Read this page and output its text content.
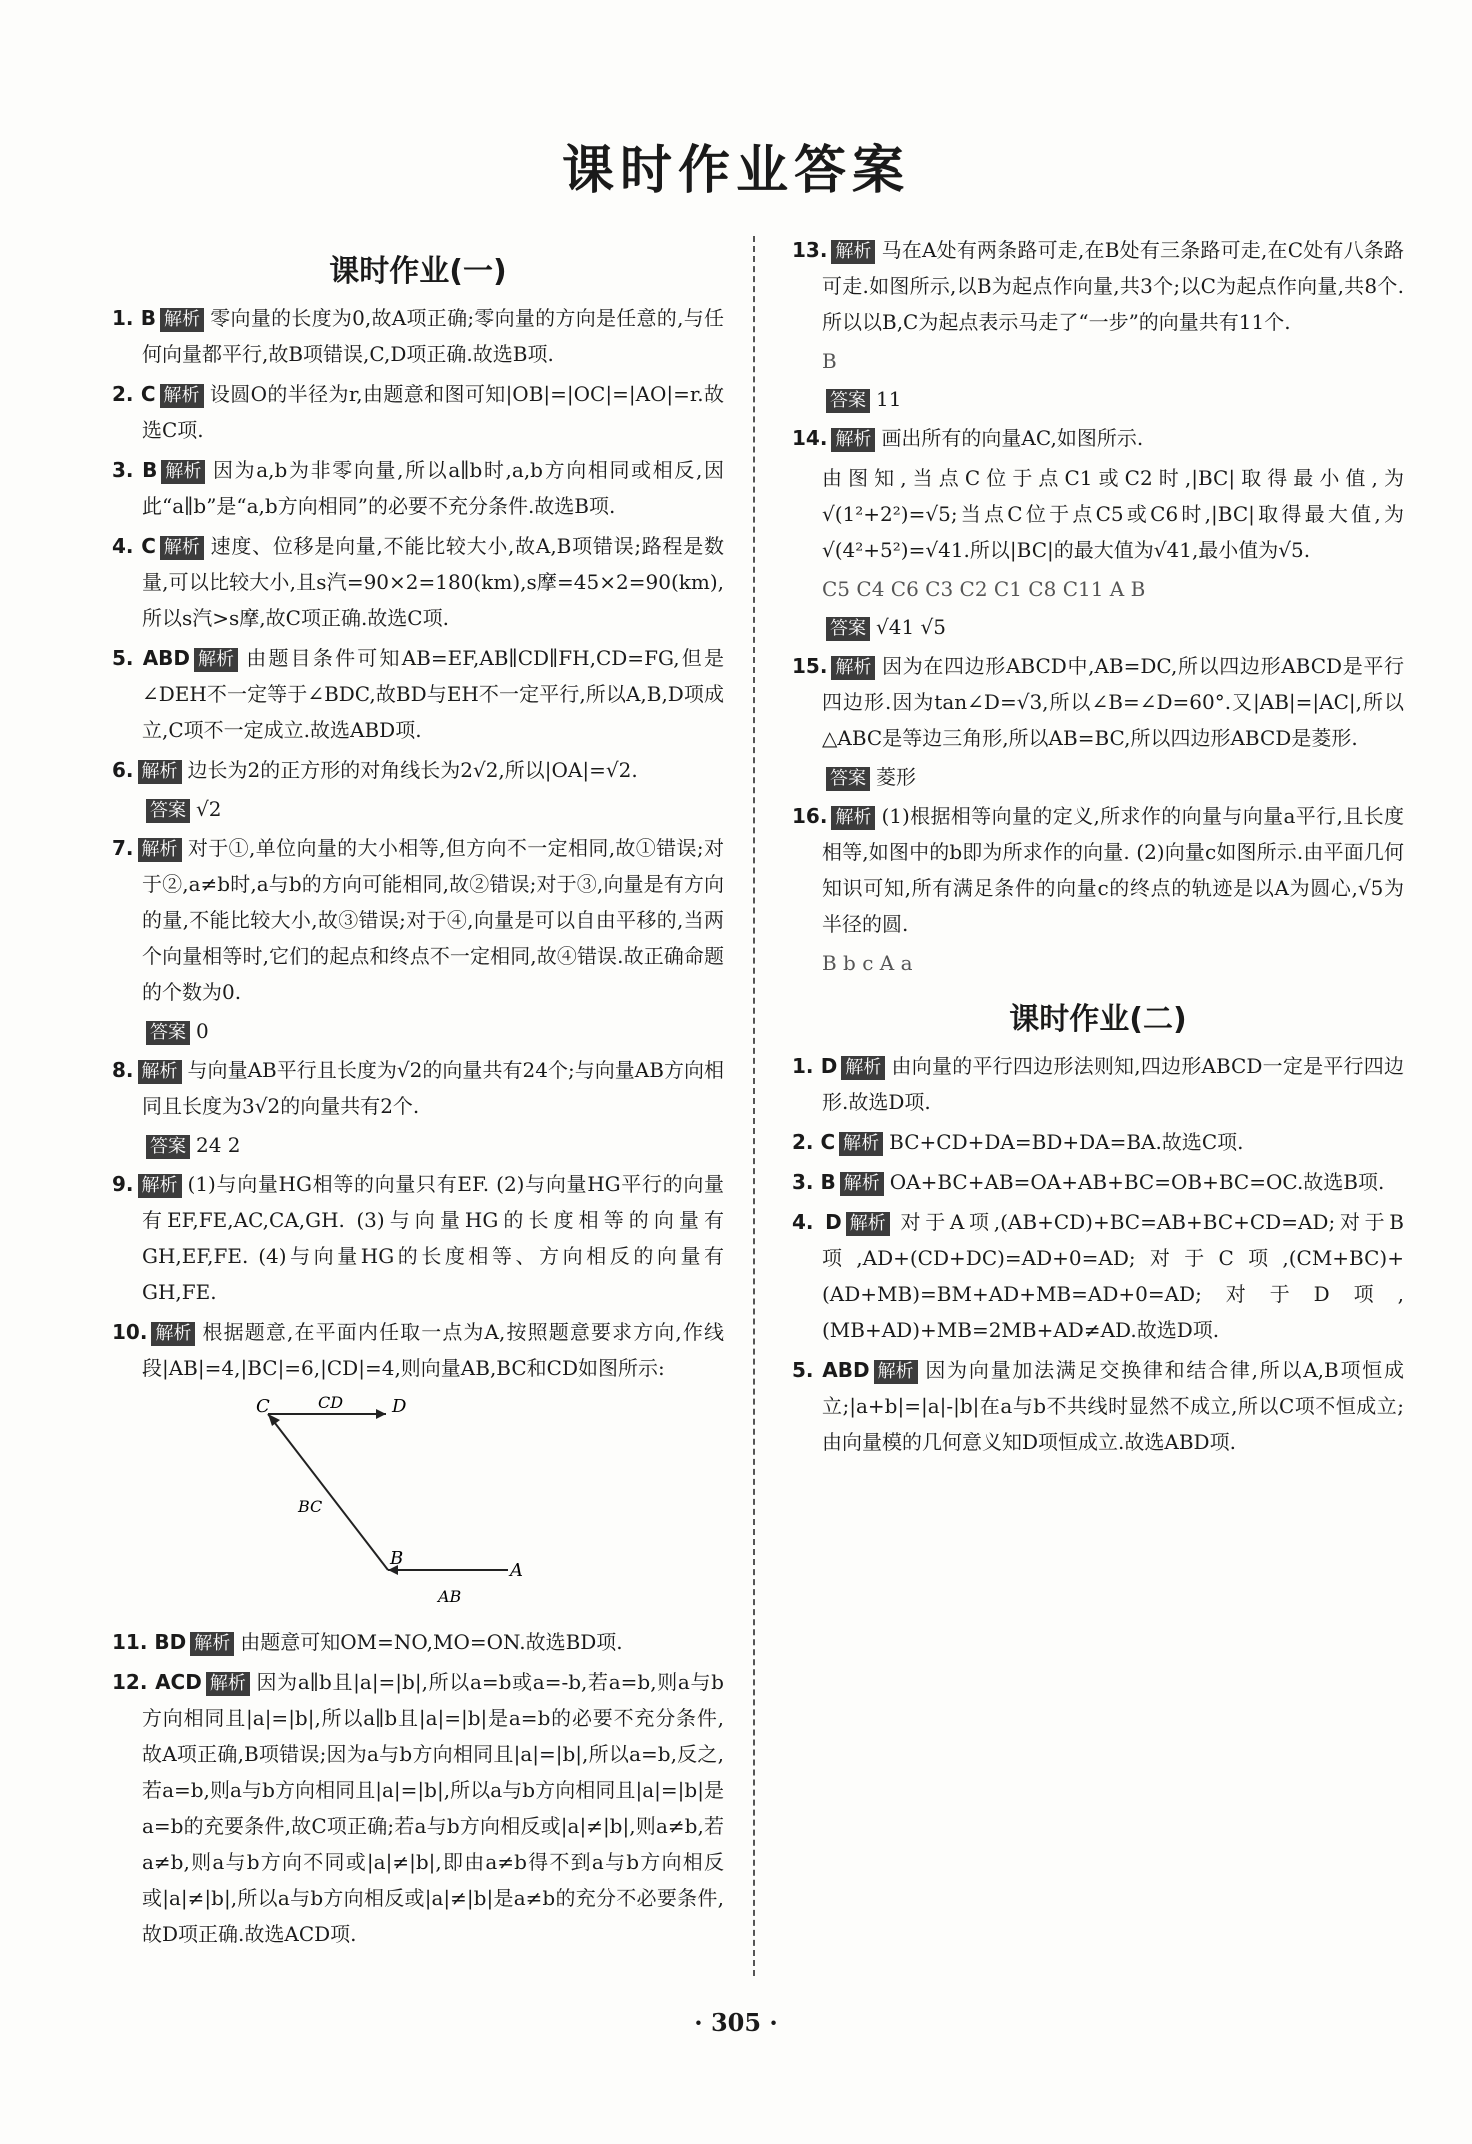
课时作业答案
课时作业(一)
1. B 解析 零向量的长度为0,故A项正确;零向量的方向是任意的,与任何向量都平行,故B项错误,C,D项正确.故选B项.
2. C 解析 设圆O的半径为r,由题意和图可知|OB|=|OC|=|AO|=r.故选C项.
3. B 解析 因为a,b为非零向量,所以a∥b时,a,b方向相同或相反,因此“a∥b”是“a,b方向相同”的必要不充分条件.故选B项.
4. C 解析 速度、位移是向量,不能比较大小,故A,B项错误;路程是数量,可以比较大小,且s汽=90×2=180(km),s摩=45×2=90(km),所以s汽>s摩,故C项正确.故选C项.
5. ABD 解析 由题目条件可知AB=EF,AB∥CD∥FH,CD=FG,但是∠DEH不一定等于∠BDC,故BD与EH不一定平行,所以A,B,D项成立,C项不一定成立.故选ABD项.
6. 解析 边长为2的正方形的对角线长为2√2,所以|OA|=√2.
答案 √2
7. 解析 对于①,单位向量的大小相等,但方向不一定相同,故①错误;对于②,a≠b时,a与b的方向可能相同,故②错误;对于③,向量是有方向的量,不能比较大小,故③错误;对于④,向量是可以自由平移的,当两个向量相等时,它们的起点和终点不一定相同,故④错误.故正确命题的个数为0.
答案 0
8. 解析 与向量AB平行且长度为√2的向量共有24个;与向量AB方向相同且长度为3√2的向量共有2个.
答案 24 2
9. 解析 (1)与向量HG相等的向量只有EF. (2)与向量HG平行的向量有EF,FE,AC,CA,GH. (3)与向量HG的长度相等的向量有GH,EF,FE. (4)与向量HG的长度相等、方向相反的向量有GH,FE.
10. 解析 根据题意,在平面内任取一点为A,按照题意要求方向,作线段|AB|=4,|BC|=6,|CD|=4,则向量AB,BC和CD如图所示:
C	D
B
A
CD
BC
AB
11. BD 解析 由题意可知OM=NO,MO=ON.故选BD项.
12. ACD 解析 因为a∥b且|a|=|b|,所以a=b或a=-b,若a=b,则a与b方向相同且|a|=|b|,所以a∥b且|a|=|b|是a=b的必要不充分条件,故A项正确,B项错误;因为a与b方向相同且|a|=|b|,所以a=b,反之,若a=b,则a与b方向相同且|a|=|b|,所以a与b方向相同且|a|=|b|是a=b的充要条件,故C项正确;若a与b方向相反或|a|≠|b|,则a≠b,若a≠b,则a与b方向不同或|a|≠|b|,即由a≠b得不到a与b方向相反或|a|≠|b|,所以a与b方向相反或|a|≠|b|是a≠b的充分不必要条件,故D项正确.故选ACD项.
13. 解析 马在A处有两条路可走,在B处有三条路可走,在C处有八条路可走.如图所示,以B为起点作向量,共3个;以C为起点作向量,共8个.所以以B,C为起点表示马走了“一步”的向量共有11个.
B
答案 11
14. 解析 画出所有的向量AC,如图所示.
由图知,当点C位于点C1或C2时,|BC|取得最小值,为√(1²+2²)=√5;当点C位于点C5或C6时,|BC|取得最大值,为√(4²+5²)=√41.所以|BC|的最大值为√41,最小值为√5.
C5 C4 C6 C3 C2 C1 C8 C11 A B
答案 √41 √5
15. 解析 因为在四边形ABCD中,AB=DC,所以四边形ABCD是平行四边形.因为tan∠D=√3,所以∠B=∠D=60°.又|AB|=|AC|,所以△ABC是等边三角形,所以AB=BC,所以四边形ABCD是菱形.
答案 菱形
16. 解析 (1)根据相等向量的定义,所求作的向量与向量a平行,且长度相等,如图中的b即为所求作的向量. (2)向量c如图所示.由平面几何知识可知,所有满足条件的向量c的终点的轨迹是以A为圆心,√5为半径的圆.
B b c A a
课时作业(二)
1. D 解析 由向量的平行四边形法则知,四边形ABCD一定是平行四边形.故选D项.
2. C 解析 BC+CD+DA=BD+DA=BA.故选C项.
3. B 解析 OA+BC+AB=OA+AB+BC=OB+BC=OC.故选B项.
4. D 解析 对于A项,(AB+CD)+BC=AB+BC+CD=AD;对于B项,AD+(CD+DC)=AD+0=AD;对于C项,(CM+BC)+(AD+MB)=BM+AD+MB=AD+0=AD;对于D项,(MB+AD)+MB=2MB+AD≠AD.故选D项.
5. ABD 解析 因为向量加法满足交换律和结合律,所以A,B项恒成立;|a+b|=|a|-|b|在a与b不共线时显然不成立,所以C项不恒成立;由向量模的几何意义知D项恒成立.故选ABD项.
· 305 ·
